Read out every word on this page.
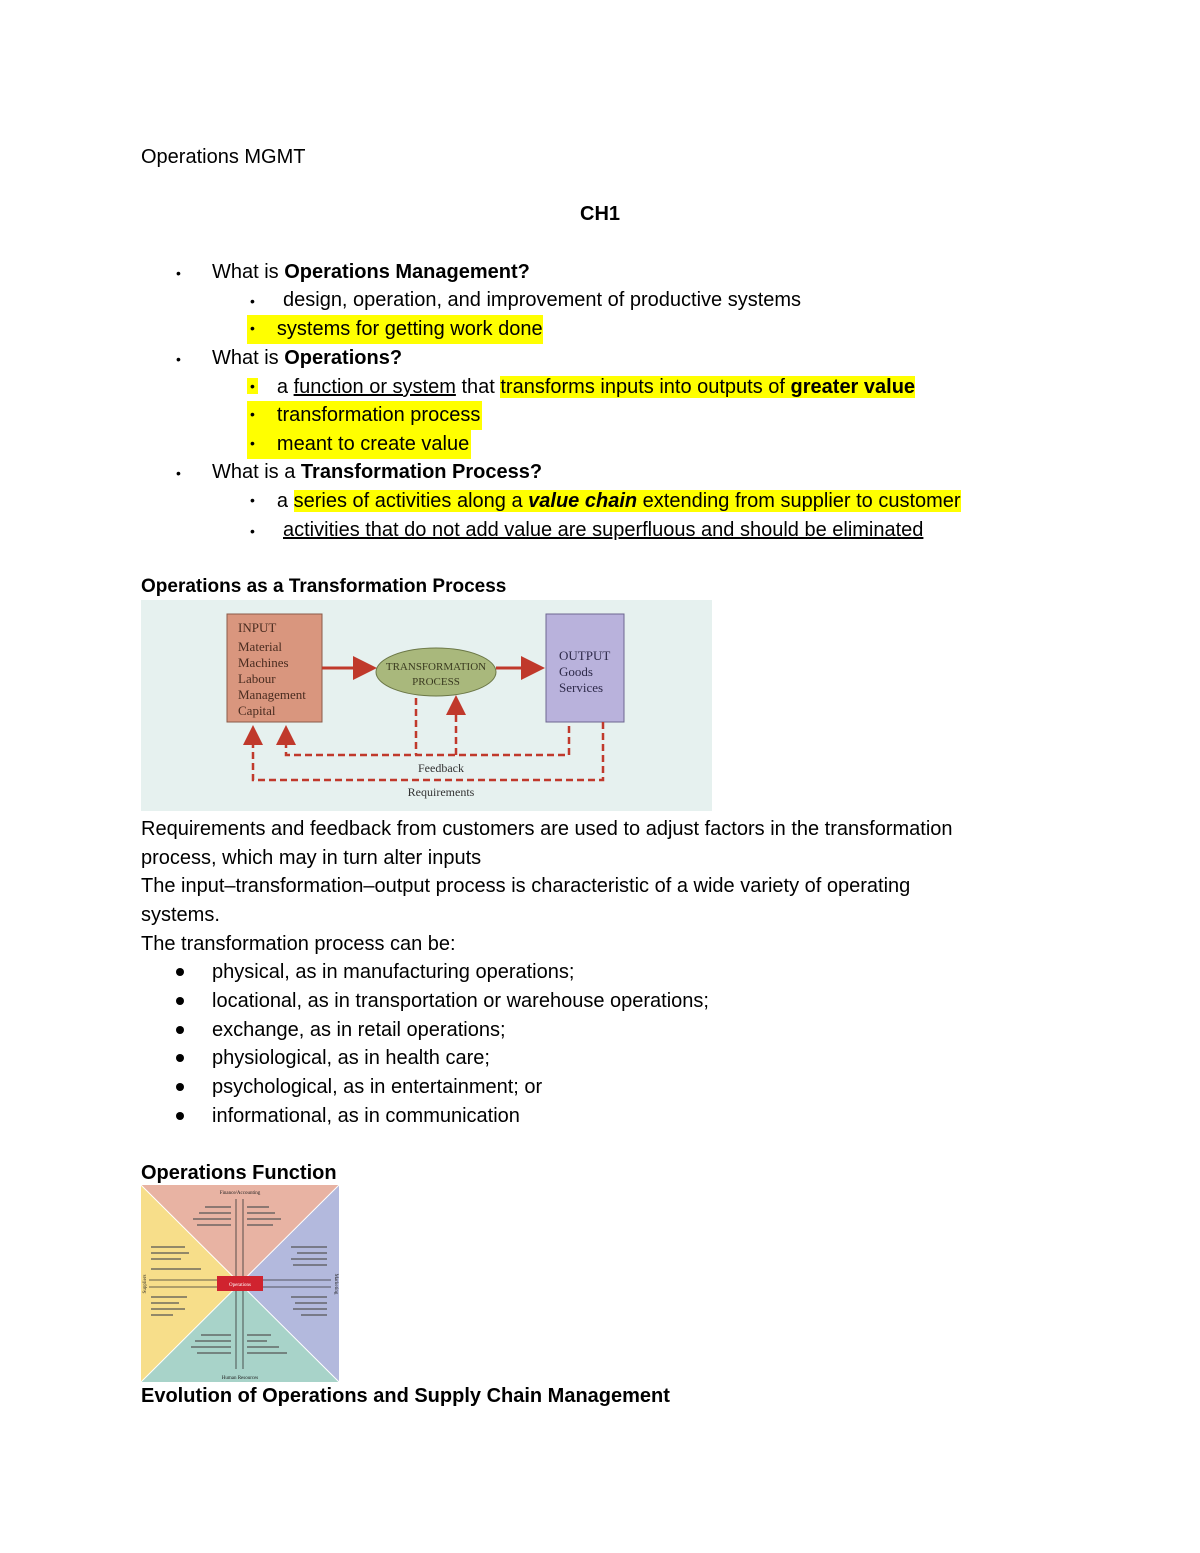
Operations MGMT
CH1
• What is Operations Management?
• design, operation, and improvement of productive systems
• systems for getting work done
• What is Operations?
• a function or system that transforms inputs into outputs of greater value
• transformation process
• meant to create value
• What is a Transformation Process?
• a series of activities along a value chain extending from supplier to customer
• activities that do not add value are superfluous and should be eliminated
Operations as a Transformation Process
INPUT
Material
Machines
Labour
Management
Capital
TRANSFORMATION
PROCESS
OUTPUT
Goods
Services
Feedback
Requirements
Requirements and feedback from customers are used to adjust factors in the transformation
process, which may in turn alter inputs
The input–transformation–output process is characteristic of a wide variety of operating
systems.
The transformation process can be:
physical, as in manufacturing operations;
locational, as in transportation or warehouse operations;
exchange, as in retail operations;
physiological, as in health care;
psychological, as in entertainment; or
informational, as in communication
Operations Function
Operations
Finance/Accounting
Human Resources
Suppliers	Marketing
Evolution of Operations and Supply Chain Management
